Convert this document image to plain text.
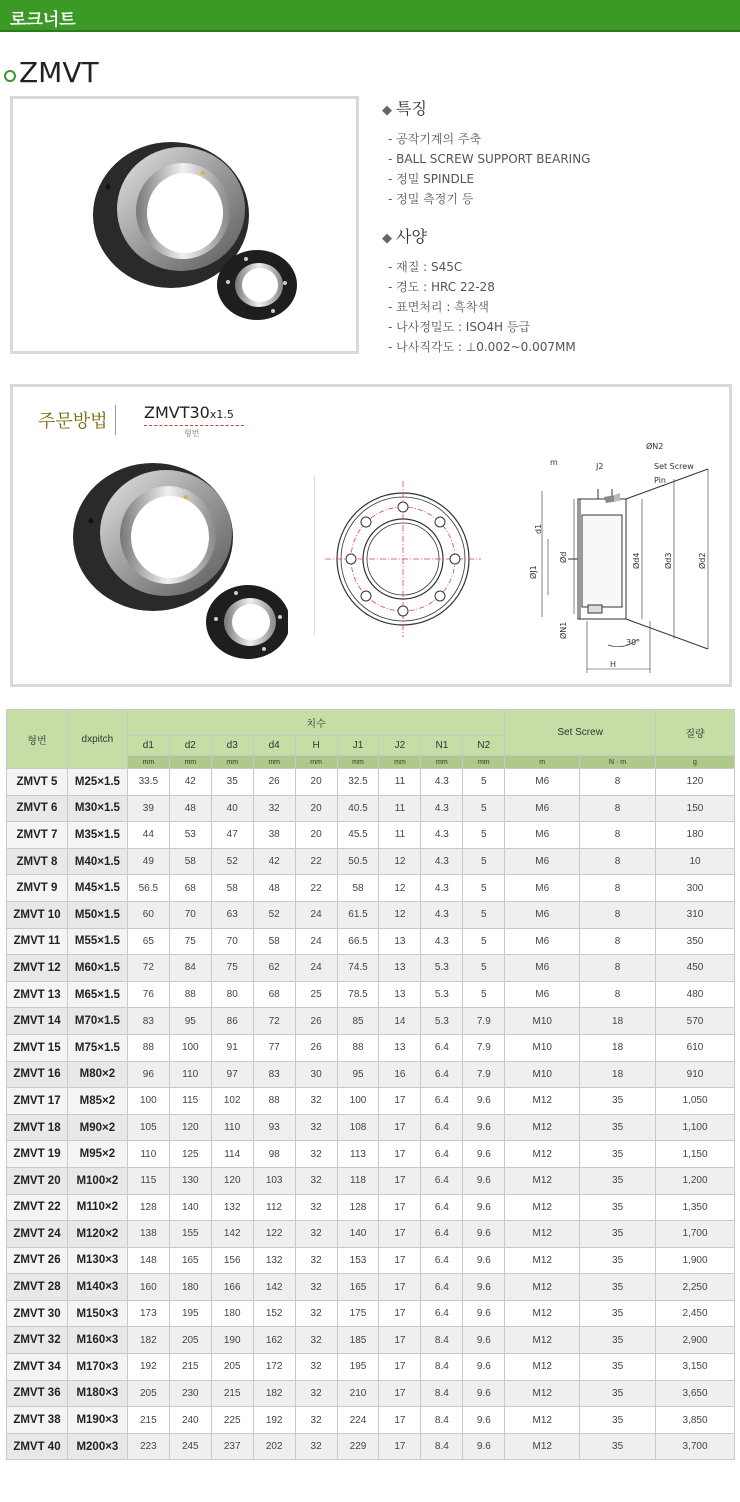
로크너트
ZMVT
◆ 특징
- 공작기계의 주축
- BALL SCREW SUPPORT BEARING
- 정밀 SPINDLE
- 정밀 측정기 등
◆ 사양
- 재질 : S45C
- 경도 : HRC 22-28
- 표면처리 : 흑착색
- 나사정밀도 : ISO4H 등급
- 나사직각도 : ⊥0.002~0.007MM
주문방법 ZMVT30x1.5
형번
ØN2
J2
m	Set Screw
Pin
d1
Ød	Ød4	Ød3	Ød2
ØJ1
ØN1
30°
H
형번	dxpitch	치수									Set Screw		질량
		d1	d2	d3	d4	H	J1	J2	N1	N2			
		mm	mm	mm	mm	mm	mm	mm	mm	mm	m	N · m	g
ZMVT 5	M25×1.5	33.5	42	35	26	20	32.5	11	4.3	5	M6	8	120
ZMVT 6	M30×1.5	39	48	40	32	20	40.5	11	4.3	5	M6	8	150
ZMVT 7	M35×1.5	44	53	47	38	20	45.5	11	4.3	5	M6	8	180
ZMVT 8	M40×1.5	49	58	52	42	22	50.5	12	4.3	5	M6	8	10
ZMVT 9	M45×1.5	56.5	68	58	48	22	58	12	4.3	5	M6	8	300
ZMVT 10	M50×1.5	60	70	63	52	24	61.5	12	4.3	5	M6	8	310
ZMVT 11	M55×1.5	65	75	70	58	24	66.5	13	4.3	5	M6	8	350
ZMVT 12	M60×1.5	72	84	75	62	24	74.5	13	5.3	5	M6	8	450
ZMVT 13	M65×1.5	76	88	80	68	25	78.5	13	5.3	5	M6	8	480
ZMVT 14	M70×1.5	83	95	86	72	26	85	14	5.3	7.9	M10	18	570
ZMVT 15	M75×1.5	88	100	91	77	26	88	13	6.4	7.9	M10	18	610
ZMVT 16	M80×2	96	110	97	83	30	95	16	6.4	7.9	M10	18	910
ZMVT 17	M85×2	100	115	102	88	32	100	17	6.4	9.6	M12	35	1,050
ZMVT 18	M90×2	105	120	110	93	32	108	17	6.4	9.6	M12	35	1,100
ZMVT 19	M95×2	110	125	114	98	32	113	17	6.4	9.6	M12	35	1,150
ZMVT 20	M100×2	115	130	120	103	32	118	17	6.4	9.6	M12	35	1,200
ZMVT 22	M110×2	128	140	132	112	32	128	17	6.4	9.6	M12	35	1,350
ZMVT 24	M120×2	138	155	142	122	32	140	17	6.4	9.6	M12	35	1,700
ZMVT 26	M130×3	148	165	156	132	32	153	17	6.4	9.6	M12	35	1,900
ZMVT 28	M140×3	160	180	166	142	32	165	17	6.4	9.6	M12	35	2,250
ZMVT 30	M150×3	173	195	180	152	32	175	17	6.4	9.6	M12	35	2,450
ZMVT 32	M160×3	182	205	190	162	32	185	17	8.4	9.6	M12	35	2,900
ZMVT 34	M170×3	192	215	205	172	32	195	17	8.4	9.6	M12	35	3,150
ZMVT 36	M180×3	205	230	215	182	32	210	17	8.4	9.6	M12	35	3,650
ZMVT 38	M190×3	215	240	225	192	32	224	17	8.4	9.6	M12	35	3,850
ZMVT 40	M200×3	223	245	237	202	32	229	17	8.4	9.6	M12	35	3,700
